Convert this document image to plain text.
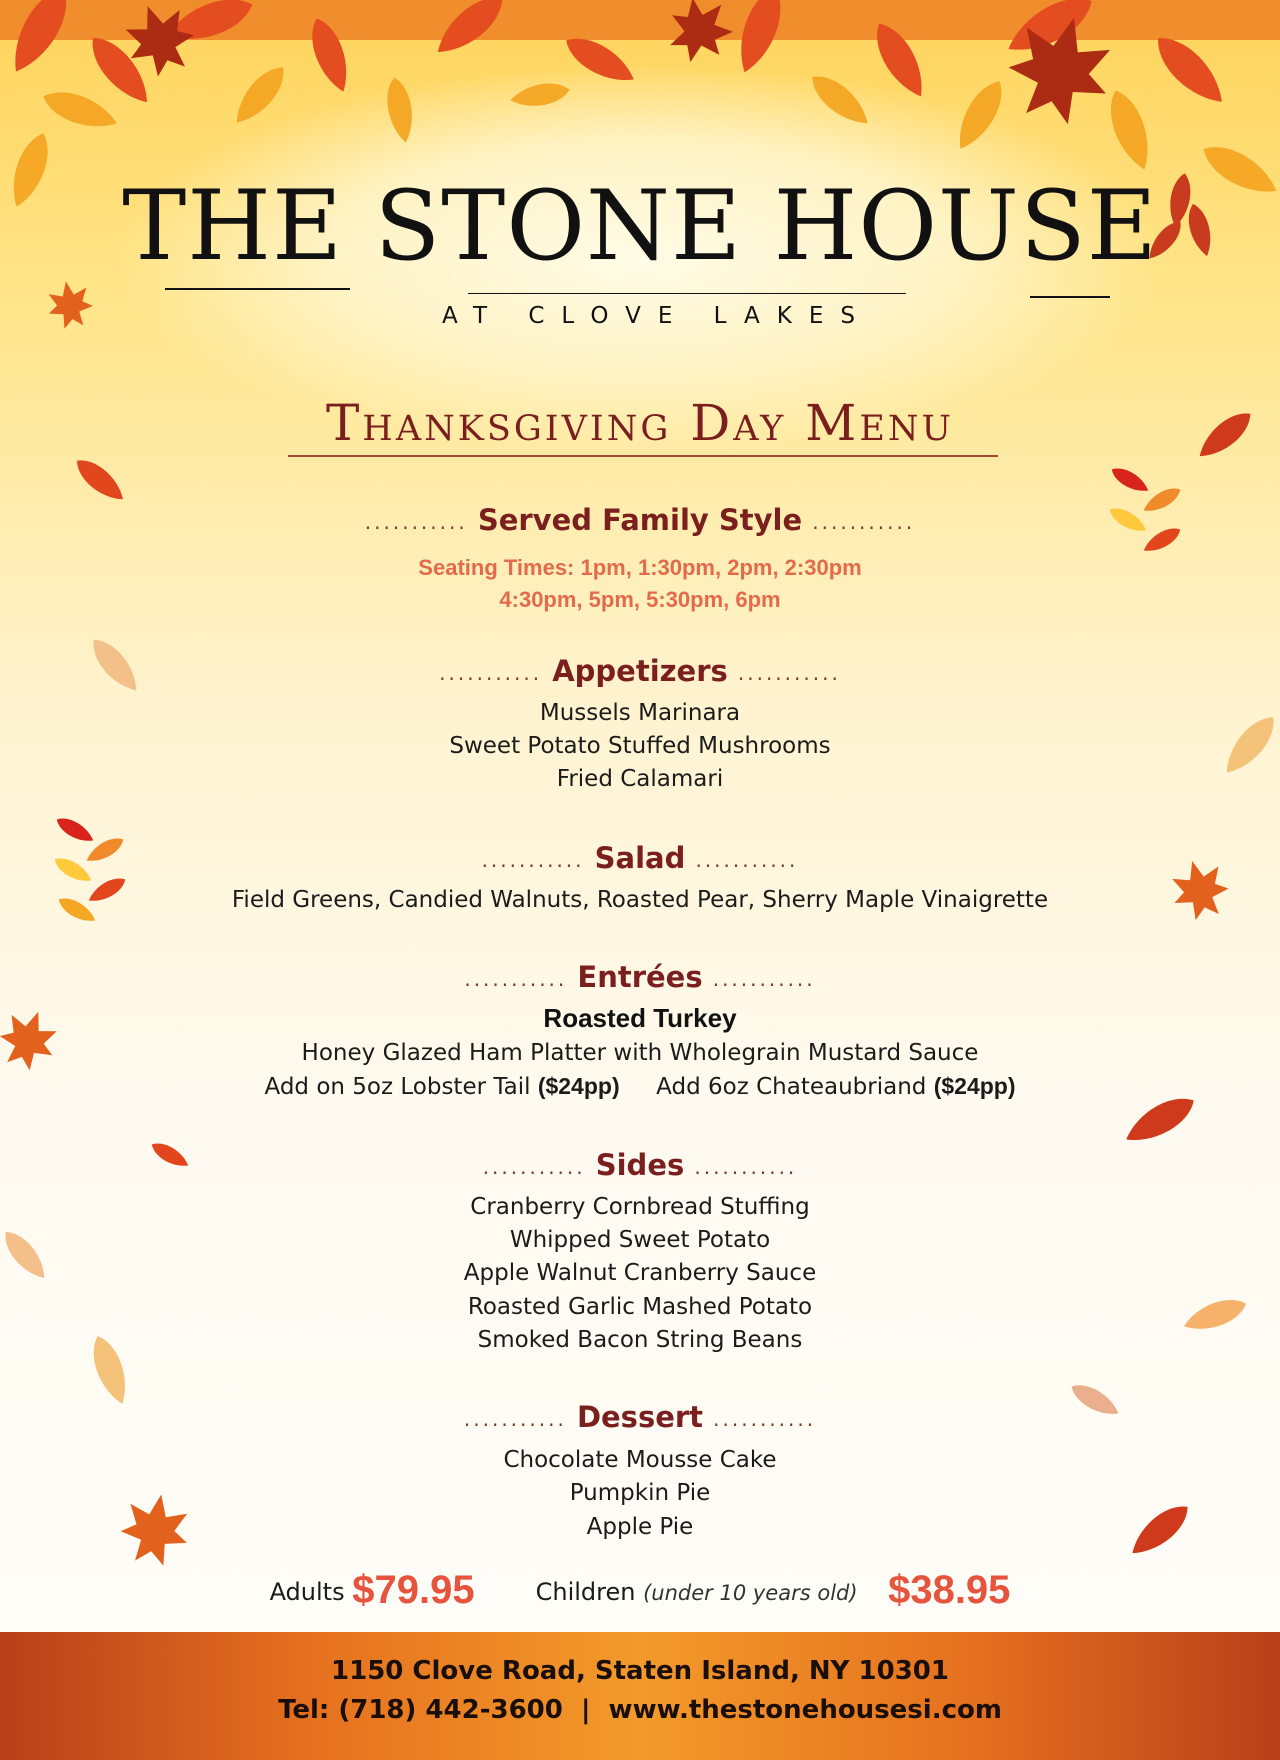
THE STONE HOUSE
AT CLOVE LAKES
Thanksgiving Day Menu
........... Served Family Style ...........
Seating Times: 1pm, 1:30pm, 2pm, 2:30pm
4:30pm, 5pm, 5:30pm, 6pm
........... Appetizers ...........
Mussels Marinara
Sweet Potato Stuffed Mushrooms
Fried Calamari
........... Salad ...........
Field Greens, Candied Walnuts, Roasted Pear, Sherry Maple Vinaigrette
........... Entrées ...........
Roasted Turkey
Honey Glazed Ham Platter with Wholegrain Mustard Sauce
Add on 5oz Lobster Tail ($24pp) Add 6oz Chateaubriand ($24pp)
........... Sides ...........
Cranberry Cornbread Stuffing
Whipped Sweet Potato
Apple Walnut Cranberry Sauce
Roasted Garlic Mashed Potato
Smoked Bacon String Beans
........... Dessert ...........
Chocolate Mousse Cake
Pumpkin Pie
Apple Pie
Adults $79.95	Children (under 10 years old) $38.95
1150 Clove Road, Staten Island, NY 10301
Tel: (718) 442-3600  |  www.thestonehousesi.com
